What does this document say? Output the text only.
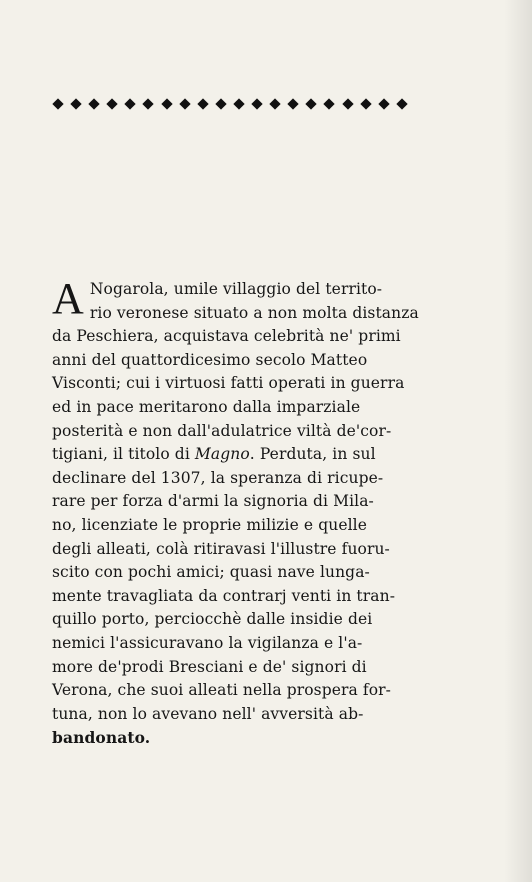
A Nogarola, umile villaggio del territo-
rio veronese situato a non molta distanza
da Peschiera, acquistava celebrità ne' primi
anni del quattordicesimo secolo Matteo
Visconti; cui i virtuosi fatti operati in guerra
ed in pace meritarono dalla imparziale
posterità e non dall'adulatrice viltà de'cor-
tigiani, il titolo di Magno. Perduta, in sul
declinare del 1307, la speranza di ricupe-
rare per forza d'armi la signoria di Mila-
no, licenziate le proprie milizie e quelle
degli alleati, colà ritiravasi l'illustre fuoru-
scito con pochi amici; quasi nave lunga-
mente travagliata da contrarj venti in tran-
quillo porto, perciocchè dalle insidie dei
nemici l'assicuravano la vigilanza e l'a-
more de'prodi Bresciani e de' signori di
Verona, che suoi alleati nella prospera for-
tuna, non lo avevano nell' avversità ab-
bandonato.
